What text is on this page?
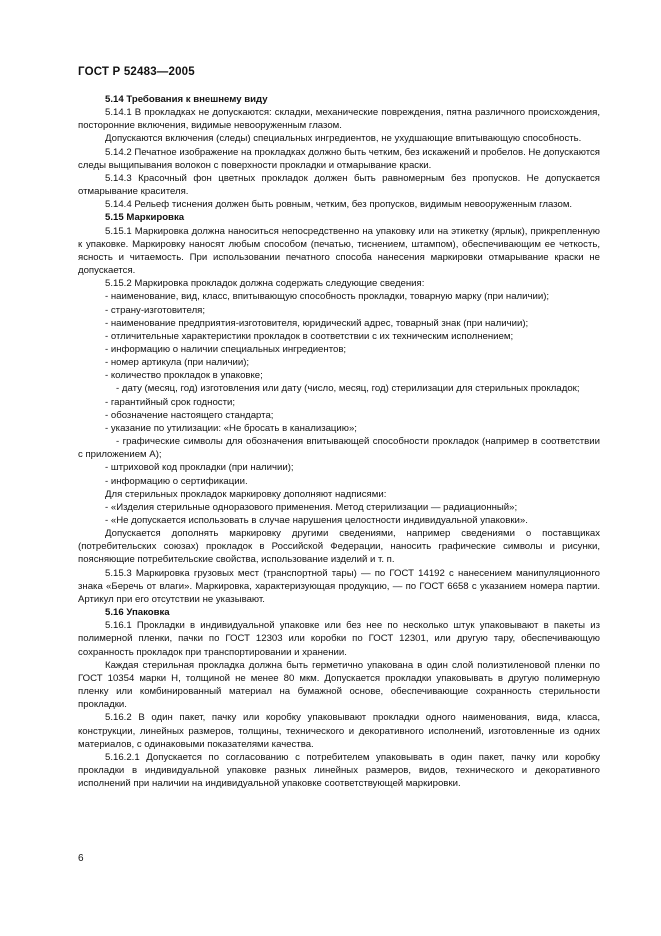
ГОСТ Р 52483—2005

5.14 Требования к внешнему виду

5.14.1 В прокладках не допускаются: складки, механические повреждения, пятна различного происхождения, посторонние включения, видимые невооруженным глазом.

Допускаются включения (следы) специальных ингредиентов, не ухудшающие впитывающую способность.

5.14.2 Печатное изображение на прокладках должно быть четким, без искажений и пробелов. Не допускаются следы выщипывания волокон с поверхности прокладки и отмарывание краски.

5.14.3 Красочный фон цветных прокладок должен быть равномерным без пропусков. Не допускается отмарывание красителя.

5.14.4 Рельеф тиснения должен быть ровным, четким, без пропусков, видимым невооруженным глазом.

5.15 Маркировка

5.15.1 Маркировка должна наноситься непосредственно на упаковку или на этикетку (ярлык), прикрепленную к упаковке. Маркировку наносят любым способом (печатью, тиснением, штампом), обеспечивающим ее четкость, ясность и читаемость. При использовании печатного способа нанесения маркировки отмарывание краски не допускается.

5.15.2 Маркировка прокладок должна содержать следующие сведения:

- наименование, вид, класс, впитывающую способность прокладки, товарную марку (при наличии);

- страну-изготовителя;

- наименование предприятия-изготовителя, юридический адрес, товарный знак (при наличии);

- отличительные характеристики прокладок в соответствии с их техническим исполнением;

- информацию о наличии специальных ингредиентов;

- номер артикула (при наличии);

- количество прокладок в упаковке;

- дату (месяц, год) изготовления или дату (число, месяц, год) стерилизации для стерильных прокладок;

- гарантийный срок годности;

- обозначение настоящего стандарта;

- указание по утилизации: «Не бросать в канализацию»;

- графические символы для обозначения впитывающей способности прокладок (например в соответствии с приложением А);

- штриховой код прокладки (при наличии);

- информацию о сертификации.

Для стерильных прокладок маркировку дополняют надписями:

- «Изделия стерильные одноразового применения. Метод стерилизации — радиационный»;

- «Не допускается использовать в случае нарушения целостности индивидуальной упаковки».

Допускается дополнять маркировку другими сведениями, например сведениями о поставщиках (потребительских союзах) прокладок в Российской Федерации, наносить графические символы и рисунки, поясняющие потребительские свойства, использование изделий и т. п.

5.15.3 Маркировка грузовых мест (транспортной тары) — по ГОСТ 14192 с нанесением манипуляционного знака «Беречь от влаги». Маркировка, характеризующая продукцию, — по ГОСТ 6658 с указанием номера партии. Артикул при его отсутствии не указывают.

5.16 Упаковка

5.16.1 Прокладки в индивидуальной упаковке или без нее по несколько штук упаковывают в пакеты из полимерной пленки, пачки по ГОСТ 12303 или коробки по ГОСТ 12301, или другую тару, обеспечивающую сохранность прокладок при транспортировании и хранении.

Каждая стерильная прокладка должна быть герметично упакована в один слой полиэтиленовой пленки по ГОСТ 10354 марки Н, толщиной не менее 80 мкм. Допускается прокладки упаковывать в другую полимерную пленку или комбинированный материал на бумажной основе, обеспечивающие сохранность стерильности прокладки.

5.16.2 В один пакет, пачку или коробку упаковывают прокладки одного наименования, вида, класса, конструкции, линейных размеров, толщины, технического и декоративного исполнений, изготовленные из одних материалов, с одинаковыми показателями качества.

5.16.2.1 Допускается по согласованию с потребителем упаковывать в один пакет, пачку или коробку прокладки в индивидуальной упаковке разных линейных размеров, видов, технического и декоративного исполнений при наличии на индивидуальной упаковке соответствующей маркировки.

6
